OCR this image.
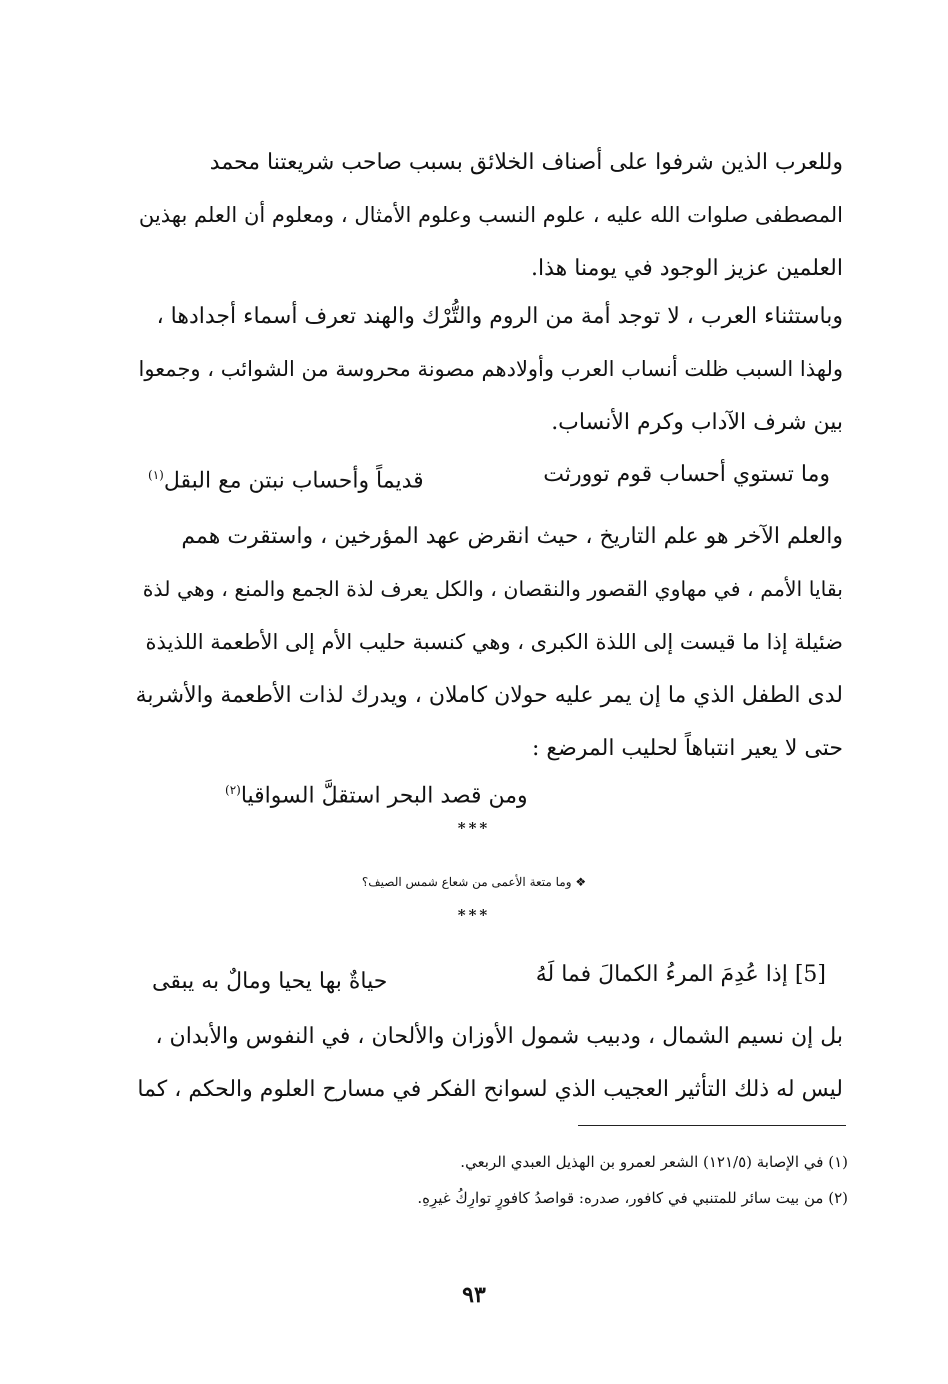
وللعرب الذين شرفوا على أصناف الخلائق بسبب صاحب شريعتنا محمد
المصطفى صلوات الله عليه ، علوم النسب وعلوم الأمثال ، ومعلوم أن العلم بهذين
العلمين عزيز الوجود في يومنا هذا.
وباستثناء العرب ، لا توجد أمة من الروم والتُّرْك والهند تعرف أسماء أجدادها ،
ولهذا السبب ظلت أنساب العرب وأولادهم مصونة محروسة من الشوائب ، وجمعوا
بين شرف الآداب وكرم الأنساب.
وما تستوي أحساب قوم توورثت
قديماً وأحساب نبتن مع البقل$^{(١)}$
والعلم الآخر هو علم التاريخ ، حيث انقرض عهد المؤرخين ، واستقرت همم
بقايا الأمم ، في مهاوي القصور والنقصان ، والكل يعرف لذة الجمع والمنع ، وهي لذة
ضئيلة إذا ما قيست إلى اللذة الكبرى ، وهي كنسبة حليب الأم إلى الأطعمة اللذيذة
لدى الطفل الذي ما إن يمر عليه حولان كاملان ، ويدرك لذات الأطعمة والأشربة
حتى لا يعير انتباهاً لحليب المرضع :
ومن قصد البحر استقلَّ السواقيا$^{(٢)}$
***
❖ وما متعة الأعمى من شعاع شمس الصيف؟
***
[5] إذا عُدِمَ المرءُ الكمالَ فما لَهُ
حياةٌ بها يحيا ومالٌ به يبقى
بل إن نسيم الشمال ، ودبيب شمول الأوزان والألحان ، في النفوس والأبدان ،
ليس له ذلك التأثير العجيب الذي لسوانح الفكر في مسارح العلوم والحكم ، كما
(١) في الإصابة (١٢١/٥) الشعر لعمرو بن الهذيل العبدي الربعي.
(٢) من بيت سائر للمتنبي في كافور، صدره: قواصدُ كافورٍ توارِكُ غيرِهِ.
٩٣
